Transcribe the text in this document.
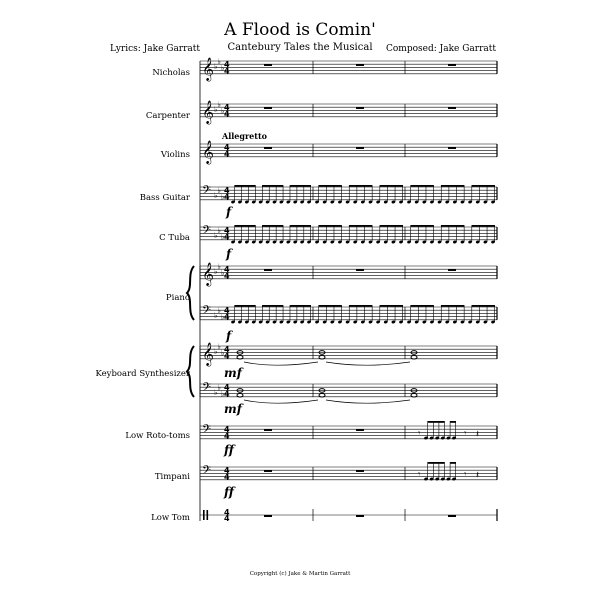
A Flood is Comin'
Cantebury Tales the Musical
Lyrics: Jake Garratt	Composed: Jake Garratt
Nicholas
Carpenter
Violins
Bass Guitar
C Tuba
Piano
Keyboard Synthesizer
Low Roto-toms
Timpani
Low Tom
Allegretto
f
f
f
mf
mf
ff
ff
Copyright (c) Jake & Martin Garratt
𝄞 ♭
♭
♭ 4
4
𝄞 ♭
♭
♭ 4
4
𝄞 4
4
𝄢 ♭
♭
♭
4
4
𝄢 ♭
♭
♭
4
4
𝄞 ♭
♭
♭ 4
4
𝄢 ♭
♭
♭
4
4
𝄞 ♭
♭
♭ 4
4
𝄢 ♭
♭
♭
4
4
𝄢 4
4	𝄾	𝄾 𝄽
𝄢 4
4	𝄾	𝄾 𝄽
4
4
